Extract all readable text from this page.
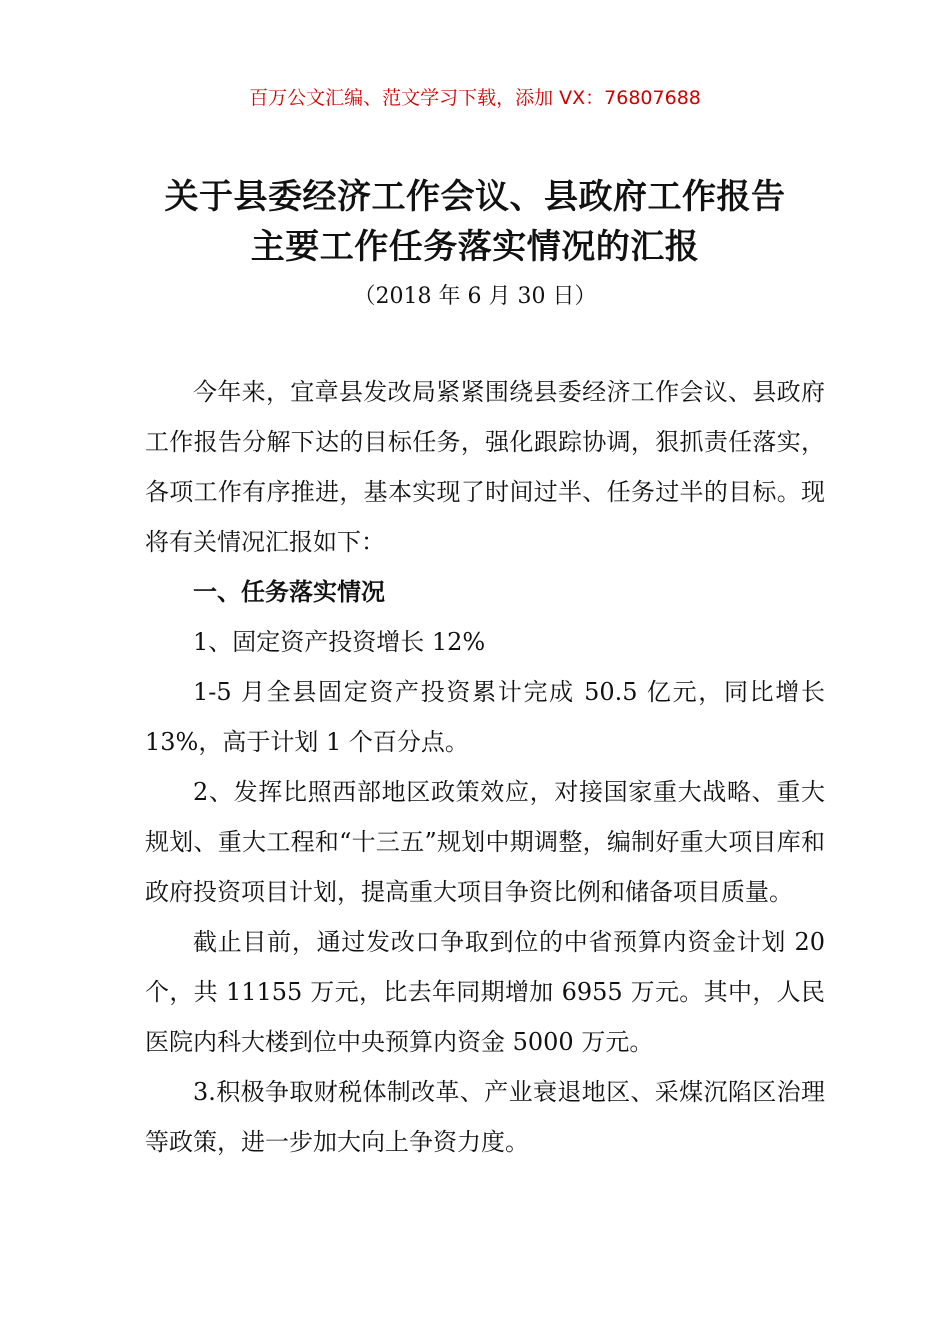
百万公文汇编、范文学习下载，添加 VX：76807688
关于县委经济工作会议、县政府工作报告
主要工作任务落实情况的汇报
（2018 年 6 月 30 日）

今年来，宜章县发改局紧紧围绕县委经济工作会议、县政府工作报告分解下达的目标任务，强化跟踪协调，狠抓责任落实，各项工作有序推进，基本实现了时间过半、任务过半的目标。现将有关情况汇报如下：

一、任务落实情况

1、固定资产投资增长 12%

1-5 月全县固定资产投资累计完成 50.5 亿元，同比增长 13%，高于计划 1 个百分点。

2、发挥比照西部地区政策效应，对接国家重大战略、重大规划、重大工程和“十三五”规划中期调整，编制好重大项目库和政府投资项目计划，提高重大项目争资比例和储备项目质量。

截止目前，通过发改口争取到位的中省预算内资金计划 20 个，共 11155 万元，比去年同期增加 6955 万元。其中，人民医院内科大楼到位中央预算内资金 5000 万元。

3.积极争取财税体制改革、产业衰退地区、采煤沉陷区治理等政策，进一步加大向上争资力度。
